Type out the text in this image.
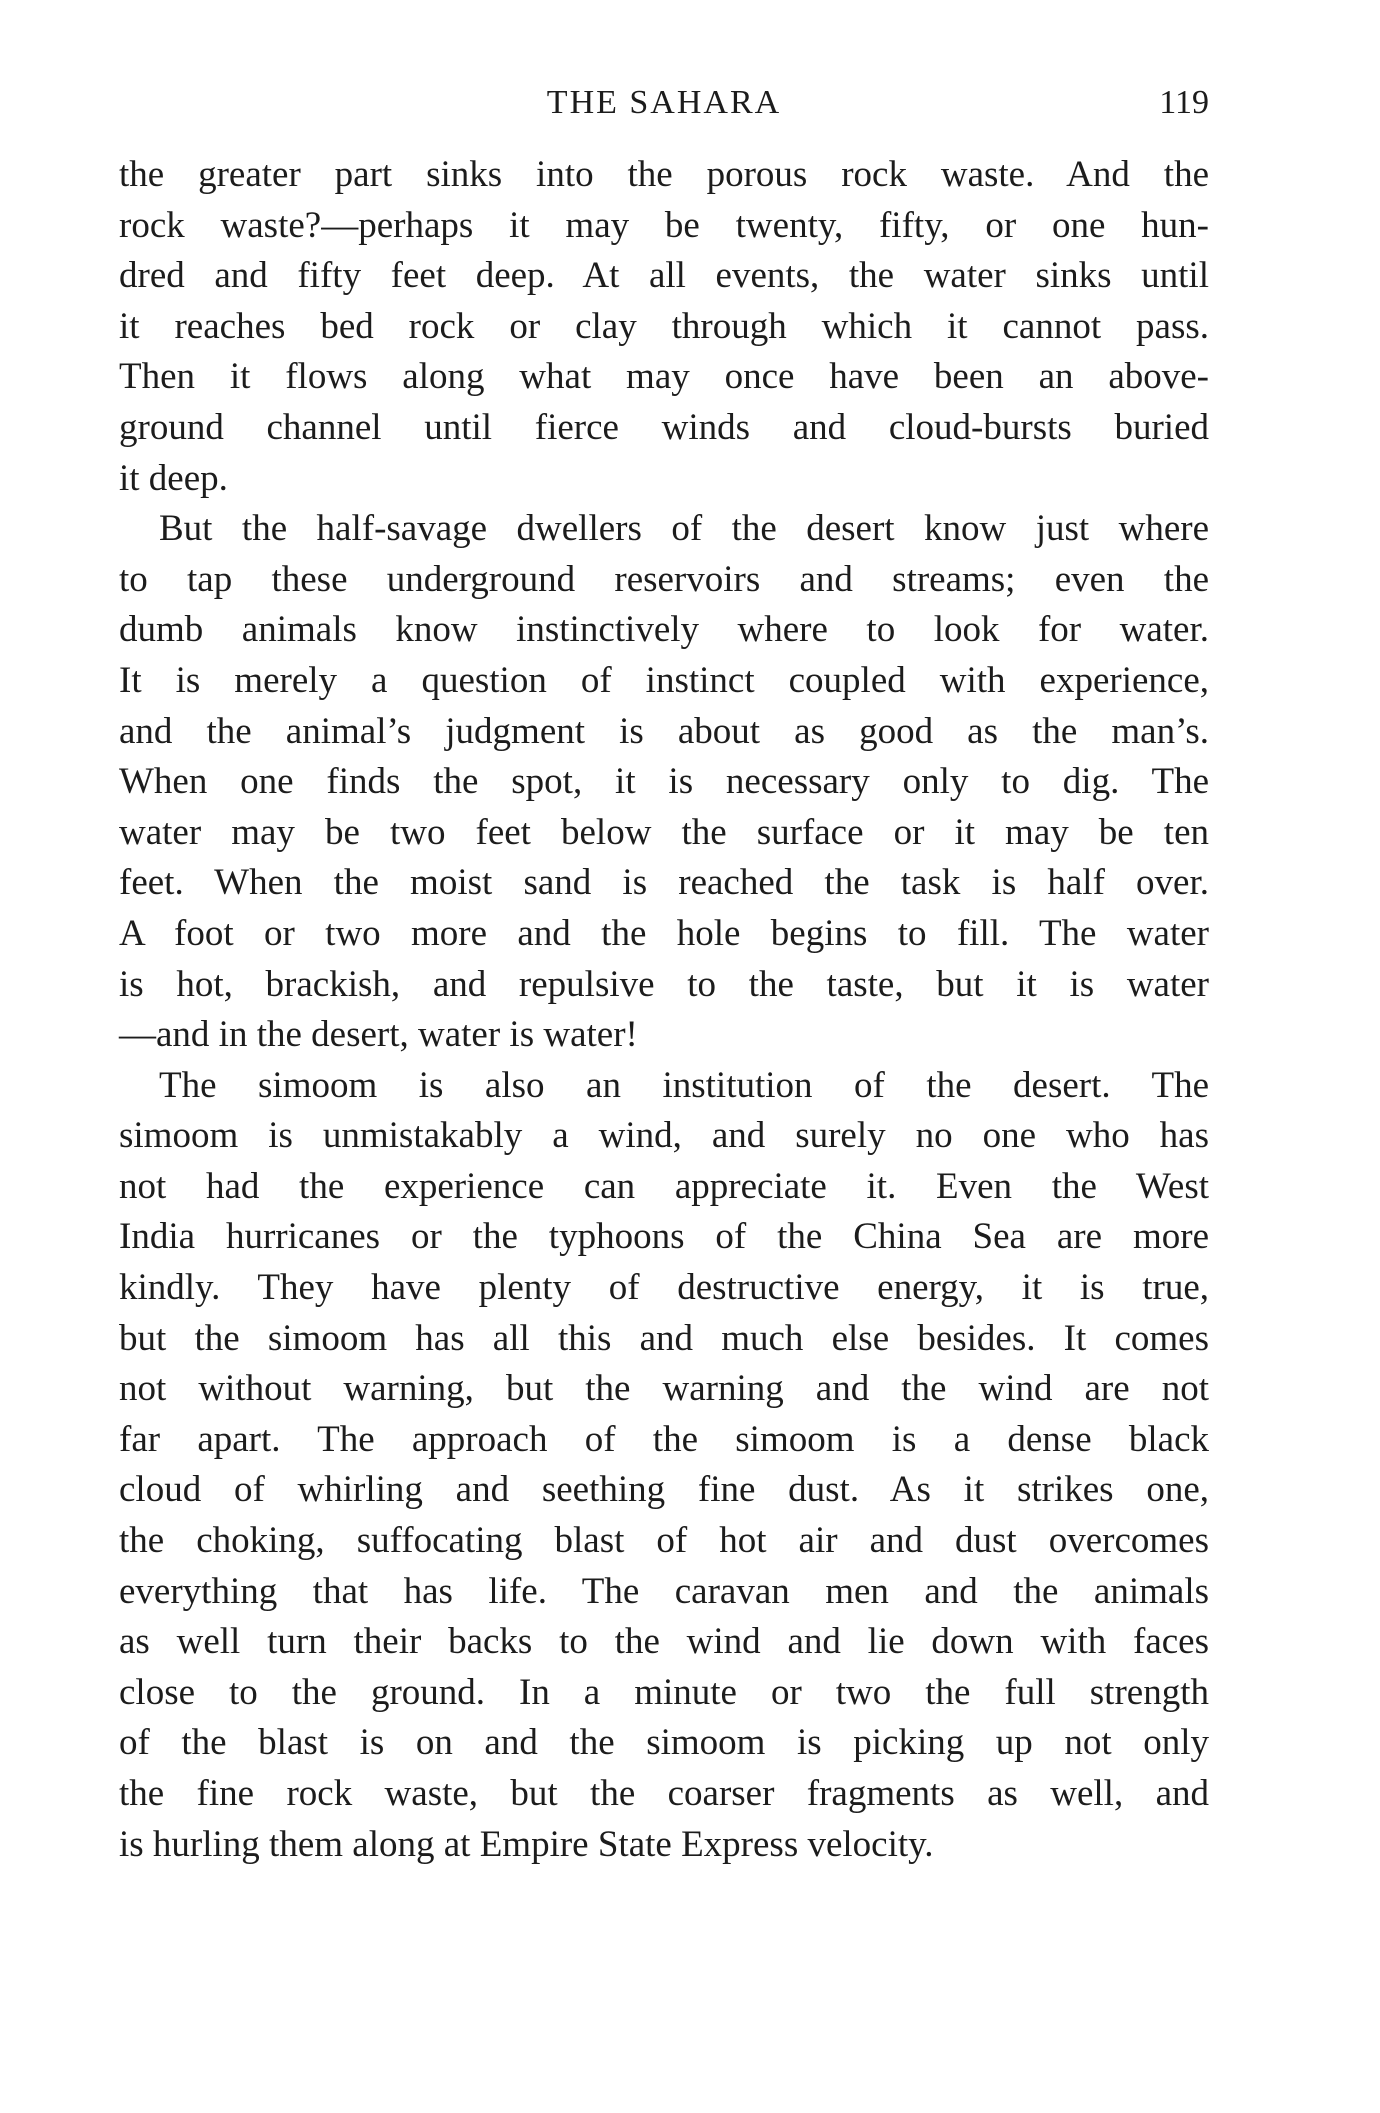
THE SAHARA	119
the greater part sinks into the porous rock waste. And the
rock waste?—perhaps it may be twenty, fifty, or one hun-
dred and fifty feet deep. At all events, the water sinks until
it reaches bed rock or clay through which it cannot pass.
Then it flows along what may once have been an above-
ground channel until fierce winds and cloud-bursts buried
it deep.
But the half-savage dwellers of the desert know just where
to tap these underground reservoirs and streams; even the
dumb animals know instinctively where to look for water.
It is merely a question of instinct coupled with experience,
and the animal’s judgment is about as good as the man’s.
When one finds the spot, it is necessary only to dig. The
water may be two feet below the surface or it may be ten
feet. When the moist sand is reached the task is half over.
A foot or two more and the hole begins to fill. The water
is hot, brackish, and repulsive to the taste, but it is water
—and in the desert, water is water!
The simoom is also an institution of the desert. The
simoom is unmistakably a wind, and surely no one who has
not had the experience can appreciate it. Even the West
India hurricanes or the typhoons of the China Sea are more
kindly. They have plenty of destructive energy, it is true,
but the simoom has all this and much else besides. It comes
not without warning, but the warning and the wind are not
far apart. The approach of the simoom is a dense black
cloud of whirling and seething fine dust. As it strikes one,
the choking, suffocating blast of hot air and dust overcomes
everything that has life. The caravan men and the animals
as well turn their backs to the wind and lie down with faces
close to the ground. In a minute or two the full strength
of the blast is on and the simoom is picking up not only
the fine rock waste, but the coarser fragments as well, and
is hurling them along at Empire State Express velocity.
